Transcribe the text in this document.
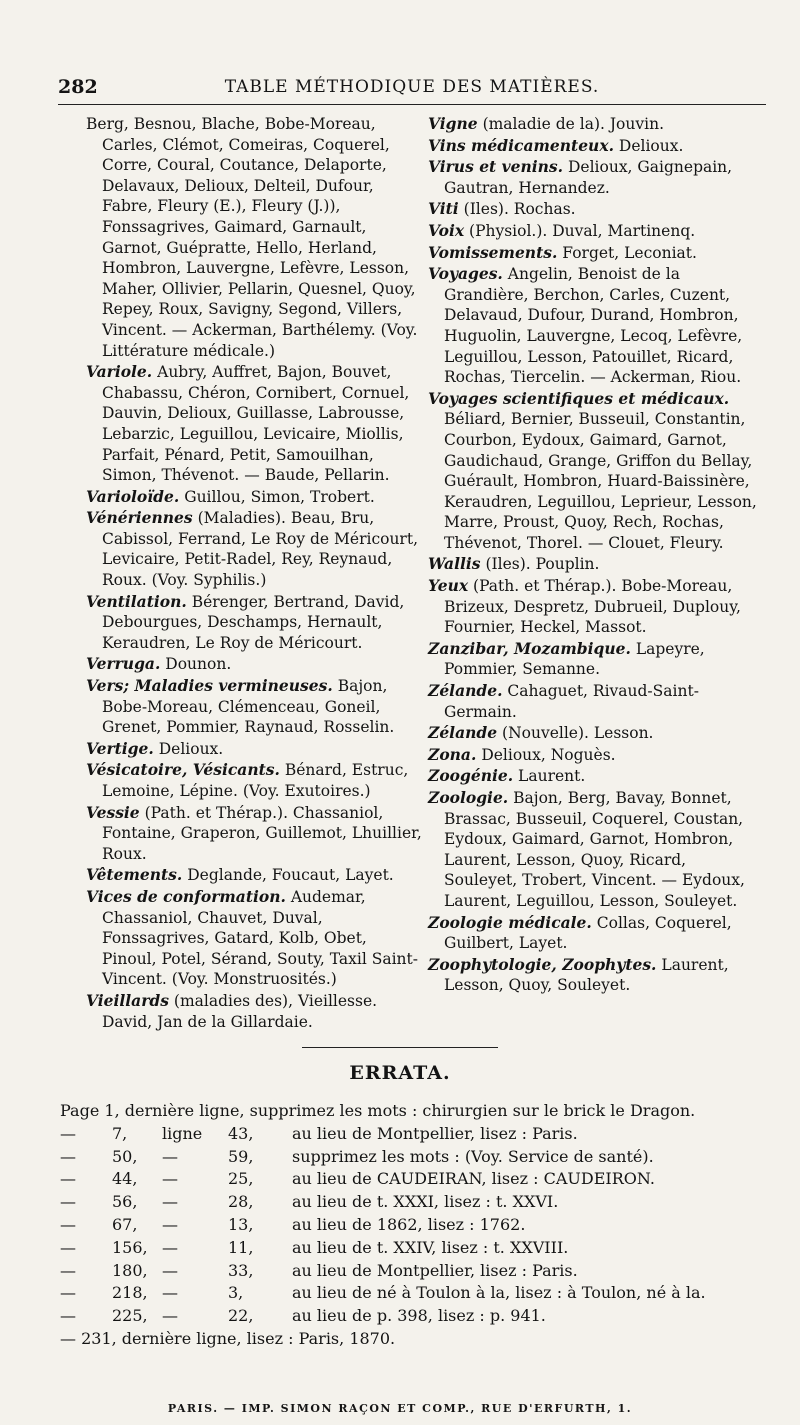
282	TABLE MÉTHODIQUE DES MATIÈRES.
Berg, Besnou, Blache, Bobe-Moreau, Carles, Clémot, Comeiras, Coquerel, Corre, Coural, Coutance, Delaporte, Delavaux, Delioux, Delteil, Dufour, Fabre, Fleury (E.), Fleury (J.)), Fonssagrives, Gaimard, Garnault, Garnot, Guépratte, Hello, Herland, Hombron, Lauvergne, Lefèvre, Lesson, Maher, Ollivier, Pellarin, Quesnel, Quoy, Repey, Roux, Savigny, Segond, Villers, Vincent. — Ackerman, Barthélemy. (Voy. Littérature médicale.)
Variole. Aubry, Auffret, Bajon, Bouvet, Chabassu, Chéron, Cornibert, Cornuel, Dauvin, Delioux, Guillasse, Labrousse, Lebarzic, Leguillou, Levicaire, Miollis, Parfait, Pénard, Petit, Samouilhan, Simon, Thévenot. — Baude, Pellarin.
Varioloïde. Guillou, Simon, Trobert.
Vénériennes (Maladies). Beau, Bru, Cabissol, Ferrand, Le Roy de Méricourt, Levicaire, Petit-Radel, Rey, Reynaud, Roux. (Voy. Syphilis.)
Ventilation. Bérenger, Bertrand, David, Debourgues, Deschamps, Hernault, Keraudren, Le Roy de Méricourt.
Verruga. Dounon.
Vers; Maladies vermineuses. Bajon, Bobe-Moreau, Clémenceau, Goneil, Grenet, Pommier, Raynaud, Rosselin.
Vertige. Delioux.
Vésicatoire, Vésicants. Bénard, Estruc, Lemoine, Lépine. (Voy. Exutoires.)
Vessie (Path. et Thérap.). Chassaniol, Fontaine, Graperon, Guillemot, Lhuillier, Roux.
Vêtements. Deglande, Foucaut, Layet.
Vices de conformation. Audemar, Chassaniol, Chauvet, Duval, Fonssagrives, Gatard, Kolb, Obet, Pinoul, Potel, Sérand, Souty, Taxil Saint-Vincent. (Voy. Monstruosités.)
Vieillards (maladies des), Vieillesse. David, Jan de la Gillardaie.
Vigne (maladie de la). Jouvin.
Vins médicamenteux. Delioux.
Virus et venins. Delioux, Gaignepain, Gautran, Hernandez.
Viti (Iles). Rochas.
Voix (Physiol.). Duval, Martinenq.
Vomissements. Forget, Leconiat.
Voyages. Angelin, Benoist de la Grandière, Berchon, Carles, Cuzent, Delavaud, Dufour, Durand, Hombron, Huguolin, Lauvergne, Lecoq, Lefèvre, Leguillou, Lesson, Patouillet, Ricard, Rochas, Tiercelin. — Ackerman, Riou.
Voyages scientifiques et médicaux. Béliard, Bernier, Busseuil, Constantin, Courbon, Eydoux, Gaimard, Garnot, Gaudichaud, Grange, Griffon du Bellay, Guérault, Hombron, Huard-Baissinère, Keraudren, Leguillou, Leprieur, Lesson, Marre, Proust, Quoy, Rech, Rochas, Thévenot, Thorel. — Clouet, Fleury.
Wallis (Iles). Pouplin.
Yeux (Path. et Thérap.). Bobe-Moreau, Brizeux, Despretz, Dubrueil, Duplouy, Fournier, Heckel, Massot.
Zanzibar, Mozambique. Lapeyre, Pommier, Semanne.
Zélande. Cahaguet, Rivaud-Saint-Germain.
Zélande (Nouvelle). Lesson.
Zona. Delioux, Noguès.
Zoogénie. Laurent.
Zoologie. Bajon, Berg, Bavay, Bonnet, Brassac, Busseuil, Coquerel, Coustan, Eydoux, Gaimard, Garnot, Hombron, Laurent, Lesson, Quoy, Ricard, Souleyet, Trobert, Vincent. — Eydoux, Laurent, Leguillou, Lesson, Souleyet.
Zoologie médicale. Collas, Coquerel, Guilbert, Layet.
Zoophytologie, Zoophytes. Laurent, Lesson, Quoy, Souleyet.
ERRATA.
Page 1, dernière ligne, supprimez les mots : chirurgien sur le brick le Dragon.
— 7, ligne 43, au lieu de Montpellier, lisez : Paris.
— 50, —	59, supprimez les mots : (Voy. Service de santé).
— 44, —	25, au lieu de CAUDEIRAN, lisez : CAUDEIRON.
— 56, —	28, au lieu de t. XXXI, lisez : t. XXVI.
— 67, —	13, au lieu de 1862, lisez : 1762.
— 156, —	11, au lieu de t. XXIV, lisez : t. XXVIII.
— 180, —	33, au lieu de Montpellier, lisez : Paris.
— 218, —	3,	au lieu de né à Toulon à la, lisez : à Toulon, né à la.
— 225, —	22, au lieu de p. 398, lisez : p. 941.
— 231, dernière ligne, lisez : Paris, 1870.
PARIS. — IMP. SIMON RAÇON ET COMP., RUE D'ERFURTH, 1.
